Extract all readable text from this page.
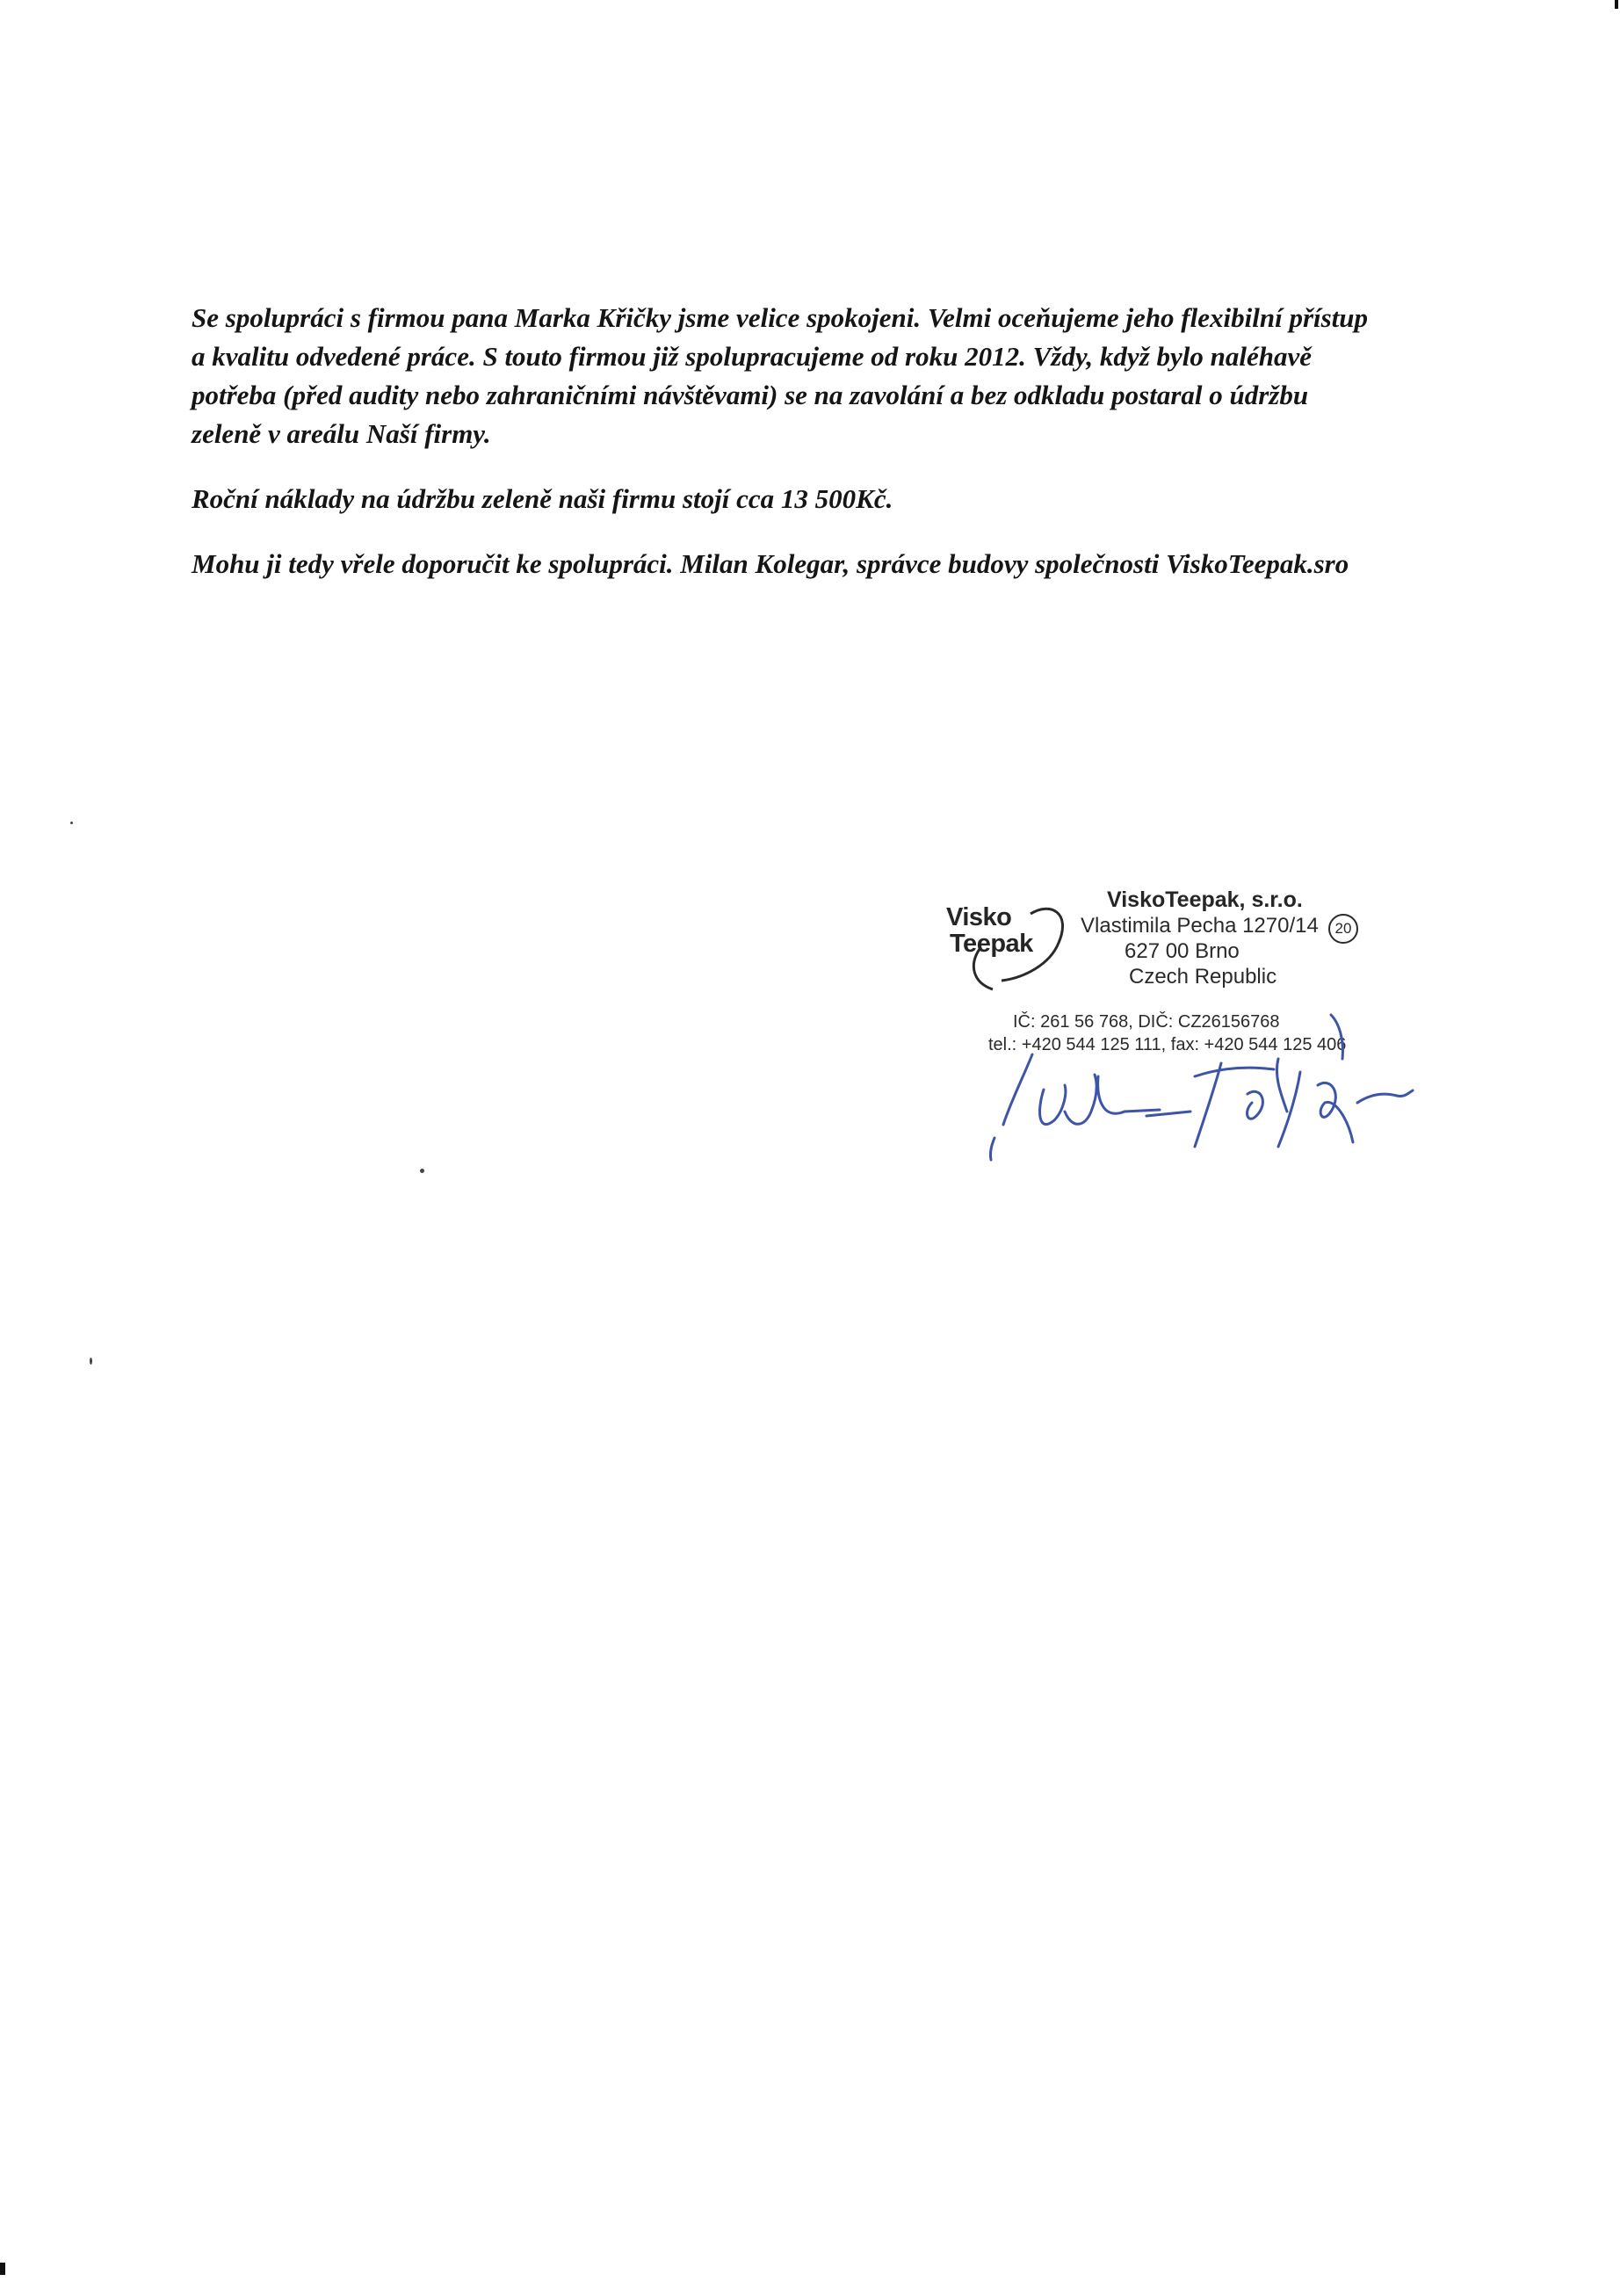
Se spolupráci s firmou pana Marka Křičky jsme velice spokojeni. Velmi oceňujeme jeho flexibilní přístup
a kvalitu odvedené práce. S touto firmou již spolupracujeme od roku 2012. Vždy, když bylo naléhavě
potřeba (před audity nebo zahraničními návštěvami) se na zavolání a bez odkladu postaral o údržbu
zeleně v areálu Naší firmy.

Roční náklady na údržbu zeleně naši firmu stojí cca 13 500Kč.

Mohu ji tedy vřele doporučit ke spolupráci. Milan Kolegar, správce budovy společnosti ViskoTeepak.sro

Visko
Teepak
ViskoTeepak, s.r.o.
Vlastimila Pecha 1270/14	20
627 00 Brno
Czech Republic
IČ: 261 56 768, DIČ: CZ26156768
tel.: +420 544 125 111, fax: +420 544 125 406
